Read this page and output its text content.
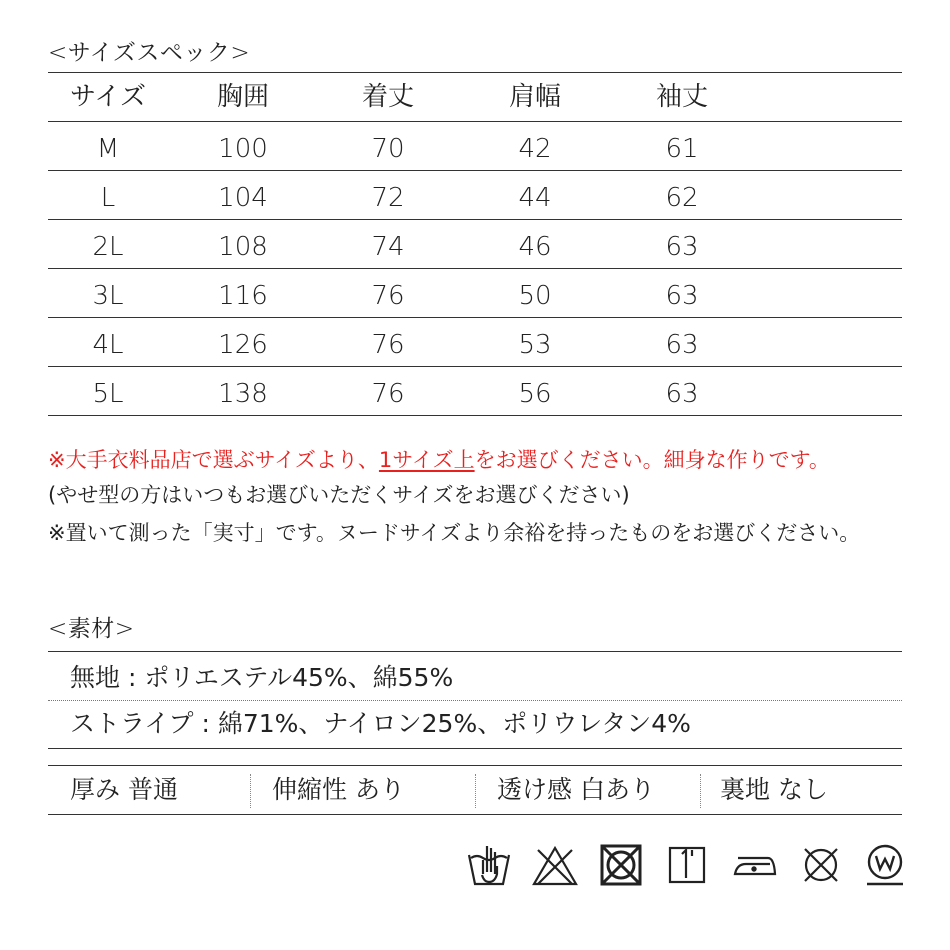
<サイズスペック>
サイズ	胸囲	着丈	肩幅	袖丈
M	100	70	42	61
L	104	72	44	62
2L	108	74	46	63
3L	116	76	50	63
4L	126	76	53	63
5L	138	76	56	63
※大手衣料品店で選ぶサイズより、1サイズ上をお選びください。細身な作りです。
(やせ型の方はいつもお選びいただくサイズをお選びください)
※置いて測った「実寸」です。ヌードサイズより余裕を持ったものをお選びください。
<素材>
無地 : ポリエステル45%、綿55%
ストライプ : 綿71%、ナイロン25%、ポリウレタン4%
厚み 普通	伸縮性 あり	透け感 白あり	裏地 なし
